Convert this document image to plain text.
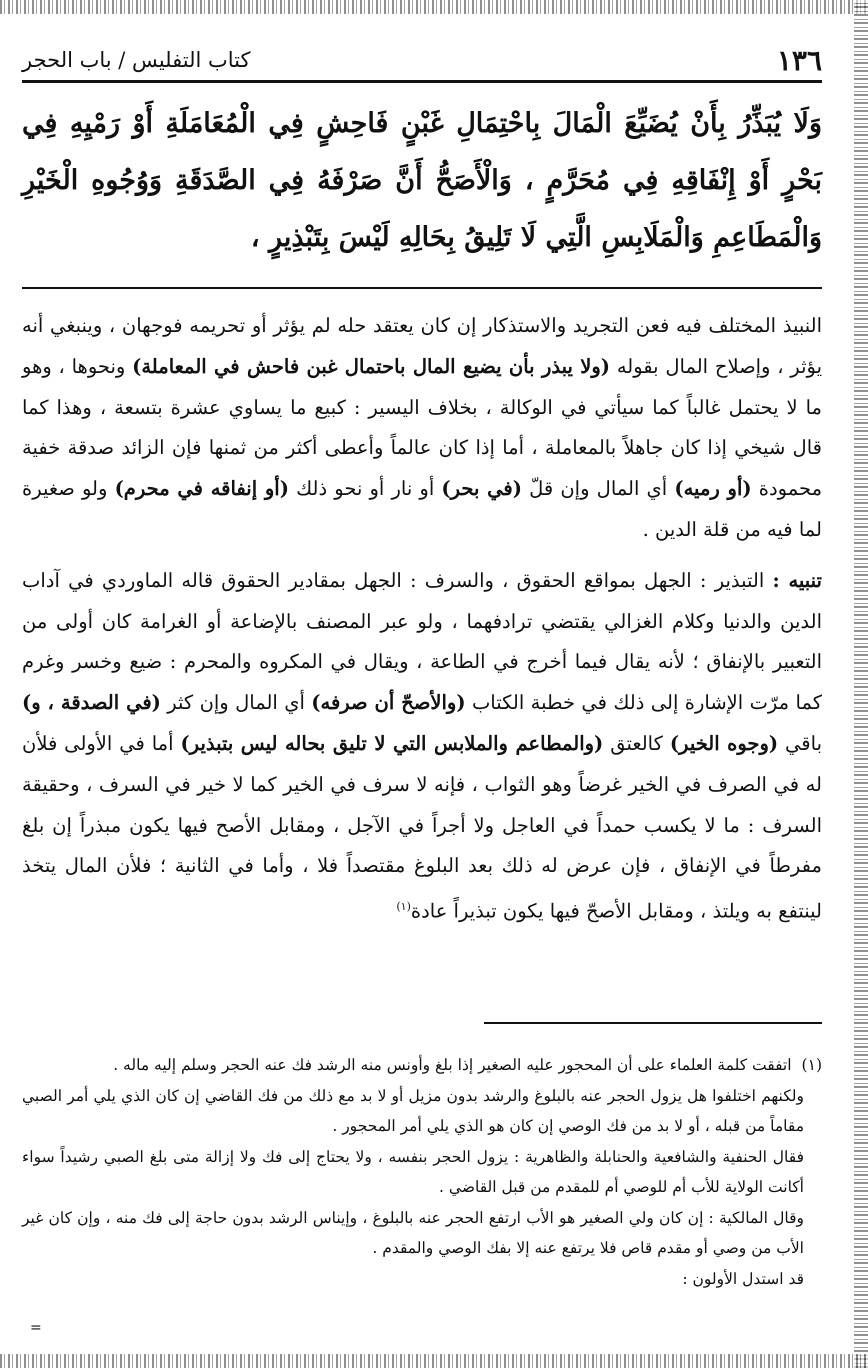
١٣٦
كتاب التفليس / باب الحجر
وَلَا يُبَذِّرُ بِأَنْ يُضَيِّعَ الْمَالَ بِاحْتِمَالِ غَبْنٍ فَاحِشٍ فِي الْمُعَامَلَةِ أَوْ رَمْيِهِ فِي بَحْرٍ أَوْ إِنْفَاقِهِ فِي مُحَرَّمٍ ، وَالْأَصَحُّ أَنَّ صَرْفَهُ فِي الصَّدَقَةِ وَوُجُوهِ الْخَيْرِ وَالْمَطَاعِمِ وَالْمَلَابِسِ الَّتِي لَا تَلِيقُ بِحَالِهِ لَيْسَ بِتَبْذِيرٍ ،

النبيذ المختلف فيه فعن التجريد والاستذكار إن كان يعتقد حله لم يؤثر أو تحريمه فوجهان ، وينبغي أنه يؤثر ، وإصلاح المال بقوله (ولا يبذر بأن يضيع المال باحتمال غبن فاحش في المعاملة) ونحوها ، وهو ما لا يحتمل غالباً كما سيأتي في الوكالة ، بخلاف اليسير : كبيع ما يساوي عشرة بتسعة ، وهذا كما قال شيخي إذا كان جاهلاً بالمعاملة ، أما إذا كان عالماً وأعطى أكثر من ثمنها فإن الزائد صدقة خفية محمودة (أو رميه) أي المال وإن قلّ (في بحر) أو نار أو نحو ذلك (أو إنفاقه في محرم) ولو صغيرة لما فيه من قلة الدين .

تنبيه : التبذير : الجهل بمواقع الحقوق ، والسرف : الجهل بمقادير الحقوق قاله الماوردي في آداب الدين والدنيا وكلام الغزالي يقتضي ترادفهما ، ولو عبر المصنف بالإضاعة أو الغرامة كان أولى من التعبير بالإنفاق ؛ لأنه يقال فيما أخرج في الطاعة ، ويقال في المكروه والمحرم : ضيع وخسر وغرم كما مرّت الإشارة إلى ذلك في خطبة الكتاب (والأصحّ أن صرفه) أي المال وإن كثر (في الصدقة ، و) باقي (وجوه الخير) كالعتق (والمطاعم والملابس التي لا تليق بحاله ليس بتبذير) أما في الأولى فلأن له في الصرف في الخير غرضاً وهو الثواب ، فإنه لا سرف في الخير كما لا خير في السرف ، وحقيقة السرف : ما لا يكسب حمداً في العاجل ولا أجراً في الآجل ، ومقابل الأصح فيها يكون مبذراً إن بلغ مفرطاً في الإنفاق ، فإن عرض له ذلك بعد البلوغ مقتصداً فلا ، وأما في الثانية ؛ فلأن المال يتخذ لينتفع به ويلتذ ، ومقابل الأصحّ فيها يكون تبذيراً عادة$^{(١)}$

(١)اتفقت كلمة العلماء على أن المحجور عليه الصغير إذا بلغ وأونس منه الرشد فك عنه الحجر وسلم إليه ماله .

ولكنهم اختلفوا هل يزول الحجر عنه بالبلوغ والرشد بدون مزيل أو لا بد مع ذلك من فك القاضي إن كان الذي يلي أمر الصبي مقاماً من قبله ، أو لا بد من فك الوصي إن كان هو الذي يلي أمر المحجور .

فقال الحنفية والشافعية والحنابلة والظاهرية : يزول الحجر بنفسه ، ولا يحتاج إلى فك ولا إزالة متى بلغ الصبي رشيداً سواء أكانت الولاية للأب أم للوصي أم للمقدم من قبل القاضي .

وقال المالكية : إن كان ولي الصغير هو الأب ارتفع الحجر عنه بالبلوغ ، وإيناس الرشد بدون حاجة إلى فك منه ، وإن كان غير الأب من وصي أو مقدم قاص فلا يرتفع عنه إلا بفك الوصي والمقدم .

قد استدل الأولون :

=
